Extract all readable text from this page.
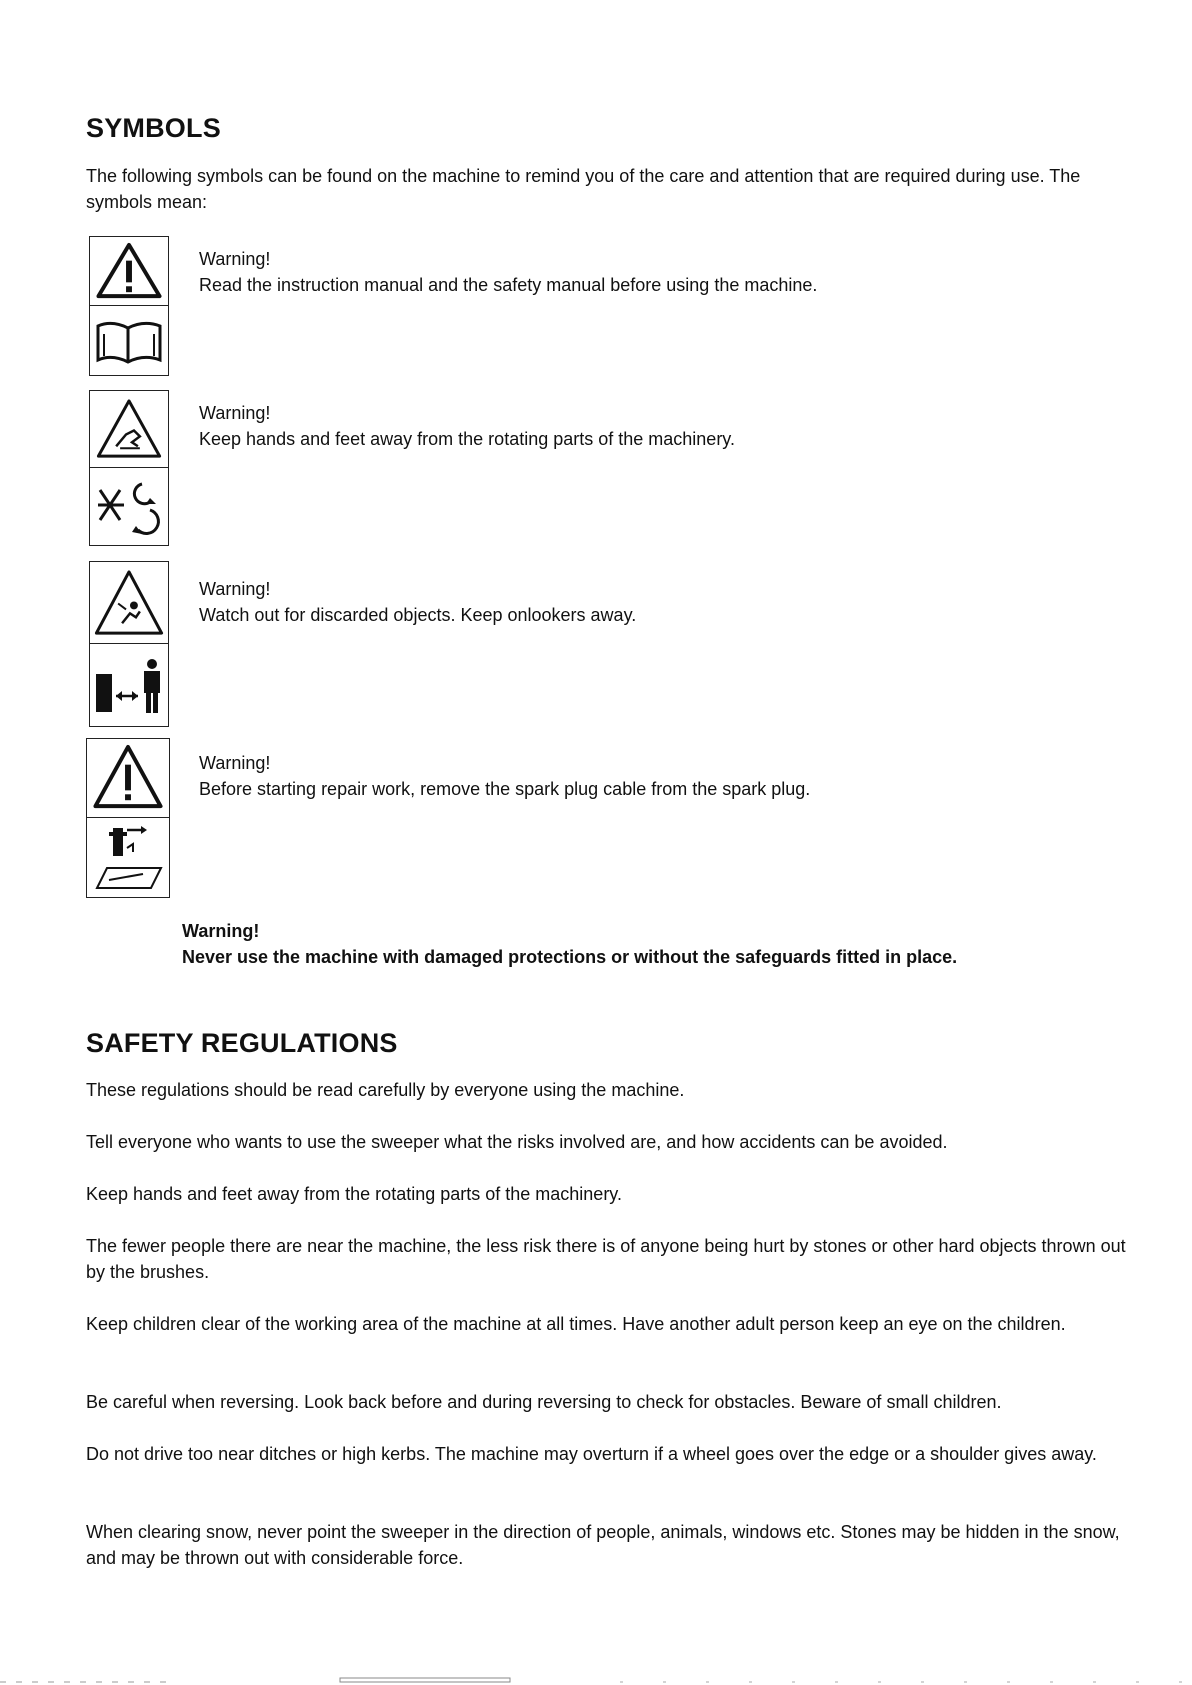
SYMBOLS

The following symbols can be found on the machine to remind you of the care and attention that are required during use. The symbols mean:

Warning!
Read the instruction manual and the safety manual before using the machine.
Warning!
Keep hands and feet away from the rotating parts of the machinery.
Warning!
Watch out for discarded objects. Keep onlookers away.
Warning!
Before starting repair work, remove the spark plug cable from the spark plug.
Warning!
Never use the machine with damaged protections or without the safeguards fitted in place.
SAFETY REGULATIONS

These regulations should be read carefully by everyone using the machine.

Tell everyone who wants to use the sweeper what the risks involved are, and how accidents can be avoided.

Keep hands and feet away from the rotating parts of the machinery.

The fewer people there are near the machine, the less risk there is of anyone being hurt by stones or other hard objects thrown out by the brushes.

Keep children clear of the working area of the machine at all times. Have another adult person keep an eye on the children.

Be careful when reversing. Look back before and during reversing to check for obstacles. Beware of small children.

Do not drive too near ditches or high kerbs. The machine may overturn if a wheel goes over the edge or a shoulder gives away.

When clearing snow, never point the sweeper in the direction of people, animals, windows etc. Stones may be hidden in the snow, and may be thrown out with considerable force.
